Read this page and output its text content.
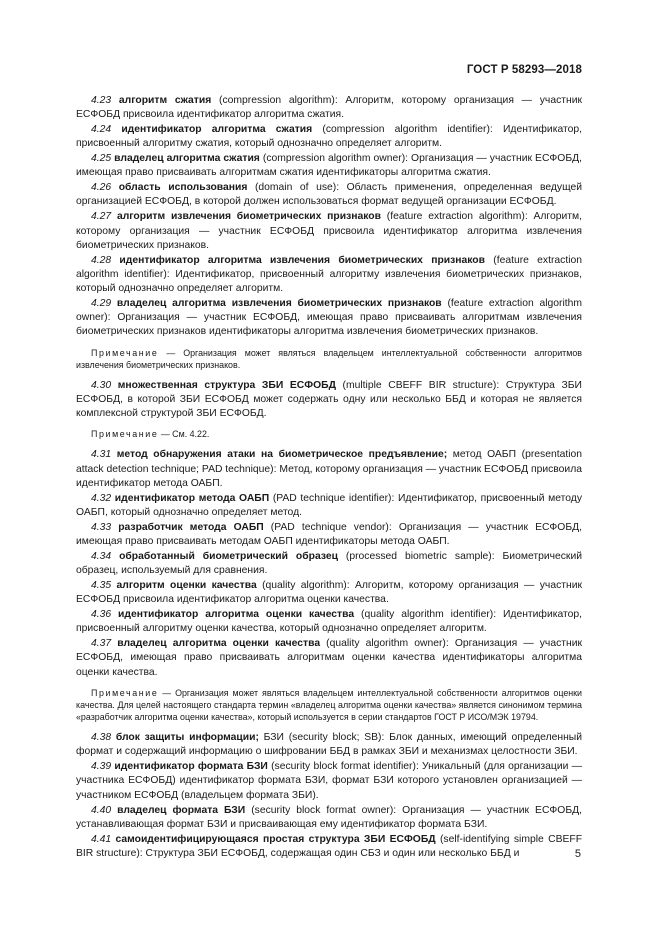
ГОСТ Р 58293—2018

4.23 алгоритм сжатия (compression algorithm): Алгоритм, которому организация — участник ЕСФОБД присвоила идентификатор алгоритма сжатия.

4.24 идентификатор алгоритма сжатия (compression algorithm identifier): Идентификатор, присвоенный алгоритму сжатия, который однозначно определяет алгоритм.

4.25 владелец алгоритма сжатия (compression algorithm owner): Организация — участник ЕСФОБД, имеющая право присваивать алгоритмам сжатия идентификаторы алгоритма сжатия.

4.26 область использования (domain of use): Область применения, определенная ведущей организацией ЕСФОБД, в которой должен использоваться формат ведущей организации ЕСФОБД.

4.27 алгоритм извлечения биометрических признаков (feature extraction algorithm): Алгоритм, которому организация — участник ЕСФОБД присвоила идентификатор алгоритма извлечения биометрических признаков.

4.28 идентификатор алгоритма извлечения биометрических признаков (feature extraction algorithm identifier): Идентификатор, присвоенный алгоритму извлечения биометрических признаков, который однозначно определяет алгоритм.

4.29 владелец алгоритма извлечения биометрических признаков (feature extraction algorithm owner): Организация — участник ЕСФОБД, имеющая право присваивать алгоритмам извлечения биометрических признаков идентификаторы алгоритма извлечения биометрических признаков.

Примечание — Организация может являться владельцем интеллектуальной собственности алгоритмов извлечения биометрических признаков.

4.30 множественная структура ЗБИ ЕСФОБД (multiple CBEFF BIR structure): Структура ЗБИ ЕСФОБД, в которой ЗБИ ЕСФОБД может содержать одну или несколько ББД и которая не является комплексной структурой ЗБИ ЕСФОБД.

Примечание — См. 4.22.

4.31 метод обнаружения атаки на биометрическое предъявление; метод ОАБП (presentation attack detection technique; PAD technique): Метод, которому организация — участник ЕСФОБД присвоила идентификатор метода ОАБП.

4.32 идентификатор метода ОАБП (PAD technique identifier): Идентификатор, присвоенный методу ОАБП, который однозначно определяет метод.

4.33 разработчик метода ОАБП (PAD technique vendor): Организация — участник ЕСФОБД, имеющая право присваивать методам ОАБП идентификаторы метода ОАБП.

4.34 обработанный биометрический образец (processed biometric sample): Биометрический образец, используемый для сравнения.

4.35 алгоритм оценки качества (quality algorithm): Алгоритм, которому организация — участник ЕСФОБД присвоила идентификатор алгоритма оценки качества.

4.36 идентификатор алгоритма оценки качества (quality algorithm identifier): Идентификатор, присвоенный алгоритму оценки качества, который однозначно определяет алгоритм.

4.37 владелец алгоритма оценки качества (quality algorithm owner): Организация — участник ЕСФОБД, имеющая право присваивать алгоритмам оценки качества идентификаторы алгоритма оценки качества.

Примечание — Организация может являться владельцем интеллектуальной собственности алгоритмов оценки качества. Для целей настоящего стандарта термин «владелец алгоритма оценки качества» является синонимом термина «разработчик алгоритма оценки качества», который используется в серии стандартов ГОСТ Р ИСО/МЭК 19794.

4.38 блок защиты информации; БЗИ (security block; SB): Блок данных, имеющий определенный формат и содержащий информацию о шифровании ББД в рамках ЗБИ и механизмах целостности ЗБИ.

4.39 идентификатор формата БЗИ (security block format identifier): Уникальный (для организации — участника ЕСФОБД) идентификатор формата БЗИ, формат БЗИ которого установлен организацией — участником ЕСФОБД (владельцем формата ЗБИ).

4.40 владелец формата БЗИ (security block format owner): Организация — участник ЕСФОБД, устанавливающая формат БЗИ и присваивающая ему идентификатор формата БЗИ.

4.41 самоидентифицирующаяся простая структура ЗБИ ЕСФОБД (self-identifying simple CBEFF BIR structure): Структура ЗБИ ЕСФОБД, содержащая один СБЗ и один или несколько ББД и	5
